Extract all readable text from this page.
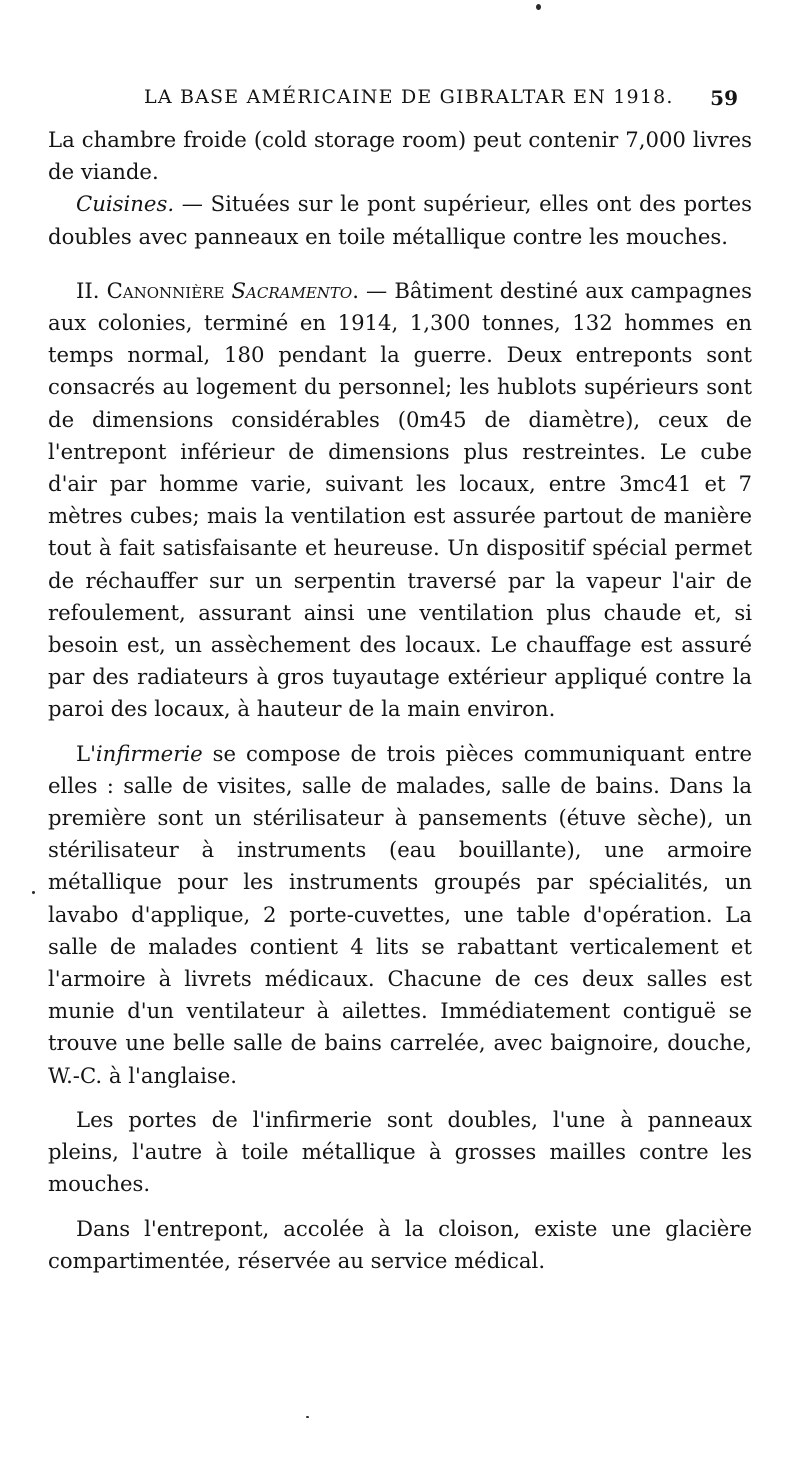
LA BASE AMÉRICAINE DE GIBRALTAR EN 1918. 59

La chambre froide (cold storage room) peut contenir 7,000 livres de viande.

Cuisines. — Situées sur le pont supérieur, elles ont des portes doubles avec panneaux en toile métallique contre les mouches.

II. Canonnière Sacramento. — Bâtiment destiné aux campagnes aux colonies, terminé en 1914, 1,300 tonnes, 132 hommes en temps normal, 180 pendant la guerre. Deux entreponts sont consacrés au logement du personnel; les hublots supérieurs sont de dimensions considérables (0m45 de diamètre), ceux de l'entrepont inférieur de dimensions plus restreintes. Le cube d'air par homme varie, suivant les locaux, entre 3mc41 et 7 mètres cubes; mais la ventilation est assurée partout de manière tout à fait satisfaisante et heureuse. Un dispositif spécial permet de réchauffer sur un serpentin traversé par la vapeur l'air de refoulement, assurant ainsi une ventilation plus chaude et, si besoin est, un assèchement des locaux. Le chauffage est assuré par des radiateurs à gros tuyautage extérieur appliqué contre la paroi des locaux, à hauteur de la main environ.

L'infirmerie se compose de trois pièces communiquant entre elles : salle de visites, salle de malades, salle de bains. Dans la première sont un stérilisateur à pansements (étuve sèche), un stérilisateur à instruments (eau bouillante), une armoire métallique pour les instruments groupés par spécialités, un lavabo d'applique, 2 porte-cuvettes, une table d'opération. La salle de malades contient 4 lits se rabattant verticalement et l'armoire à livrets médicaux. Chacune de ces deux salles est munie d'un ventilateur à ailettes. Immédiatement contiguë se trouve une belle salle de bains carrelée, avec baignoire, douche, W.-C. à l'anglaise.

Les portes de l'infirmerie sont doubles, l'une à panneaux pleins, l'autre à toile métallique à grosses mailles contre les mouches.

Dans l'entrepont, accolée à la cloison, existe une glacière compartimentée, réservée au service médical.
